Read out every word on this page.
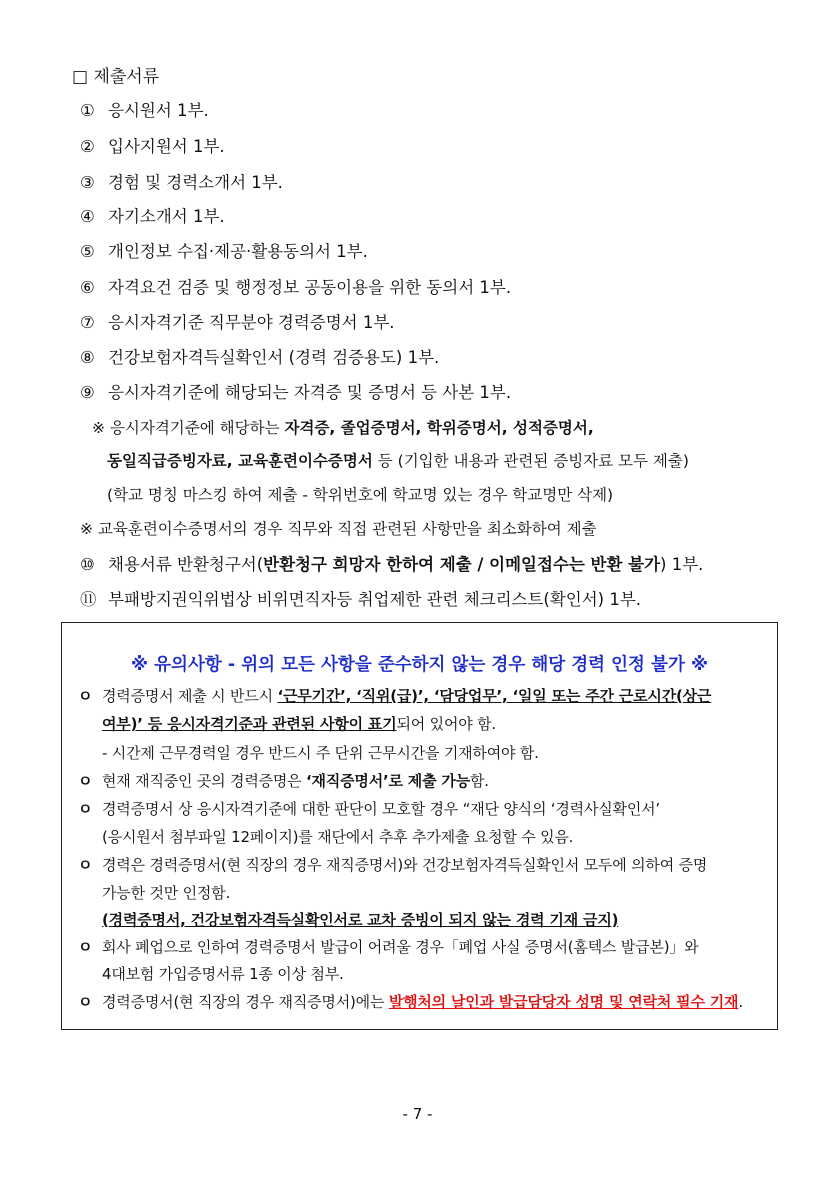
□ 제출서류
① 응시원서 1부.
② 입사지원서 1부.
③ 경험 및 경력소개서 1부.
④ 자기소개서 1부.
⑤ 개인정보 수집·제공·활용동의서 1부.
⑥ 자격요건 검증 및 행정정보 공동이용을 위한 동의서 1부.
⑦ 응시자격기준 직무분야 경력증명서 1부.
⑧ 건강보험자격득실확인서 (경력 검증용도) 1부.
⑨ 응시자격기준에 해당되는 자격증 및 증명서 등 사본 1부.
※ 응시자격기준에 해당하는 자격증, 졸업증명서, 학위증명서, 성적증명서,
동일직급증빙자료, 교육훈련이수증명서 등 (기입한 내용과 관련된 증빙자료 모두 제출)
(학교 명칭 마스킹 하여 제출 - 학위번호에 학교명 있는 경우 학교명만 삭제)
※ 교육훈련이수증명서의 경우 직무와 직접 관련된 사항만을 최소화하여 제출
⑩ 채용서류 반환청구서(반환청구 희망자 한하여 제출 / 이메일접수는 반환 불가) 1부.
⑪ 부패방지권익위법상 비위면직자등 취업제한 관련 체크리스트(확인서) 1부.
※ 유의사항 - 위의 모든 사항을 준수하지 않는 경우 해당 경력 인정 불가 ※
ㅇ 경력증명서 제출 시 반드시 ‘근무기간’, ‘직위(급)’, ‘담당업무’, ‘일일 또는 주간 근로시간(상근
여부)’ 등 응시자격기준과 관련된 사항이 표기되어 있어야 함.
- 시간제 근무경력일 경우 반드시 주 단위 근무시간을 기재하여야 함.
ㅇ 현재 재직중인 곳의 경력증명은 ‘재직증명서’로 제출 가능함.
ㅇ 경력증명서 상 응시자격기준에 대한 판단이 모호할 경우 “재단 양식의 ‘경력사실확인서’
(응시원서 첨부파일 12페이지)를 재단에서 추후 추가제출 요청할 수 있음.
ㅇ 경력은 경력증명서(현 직장의 경우 재직증명서)와 건강보험자격득실확인서 모두에 의하여 증명
가능한 것만 인정함.
(경력증명서, 건강보험자격득실확인서로 교차 증빙이 되지 않는 경력 기재 금지)
ㅇ 회사 폐업으로 인하여 경력증명서 발급이 어려울 경우「폐업 사실 증명서(홈텍스 발급본)」와
4대보험 가입증명서류 1종 이상 첨부.
ㅇ 경력증명서(현 직장의 경우 재직증명서)에는 발행처의 날인과 발급담당자 성명 및 연락처 필수 기재.
- 7 -
